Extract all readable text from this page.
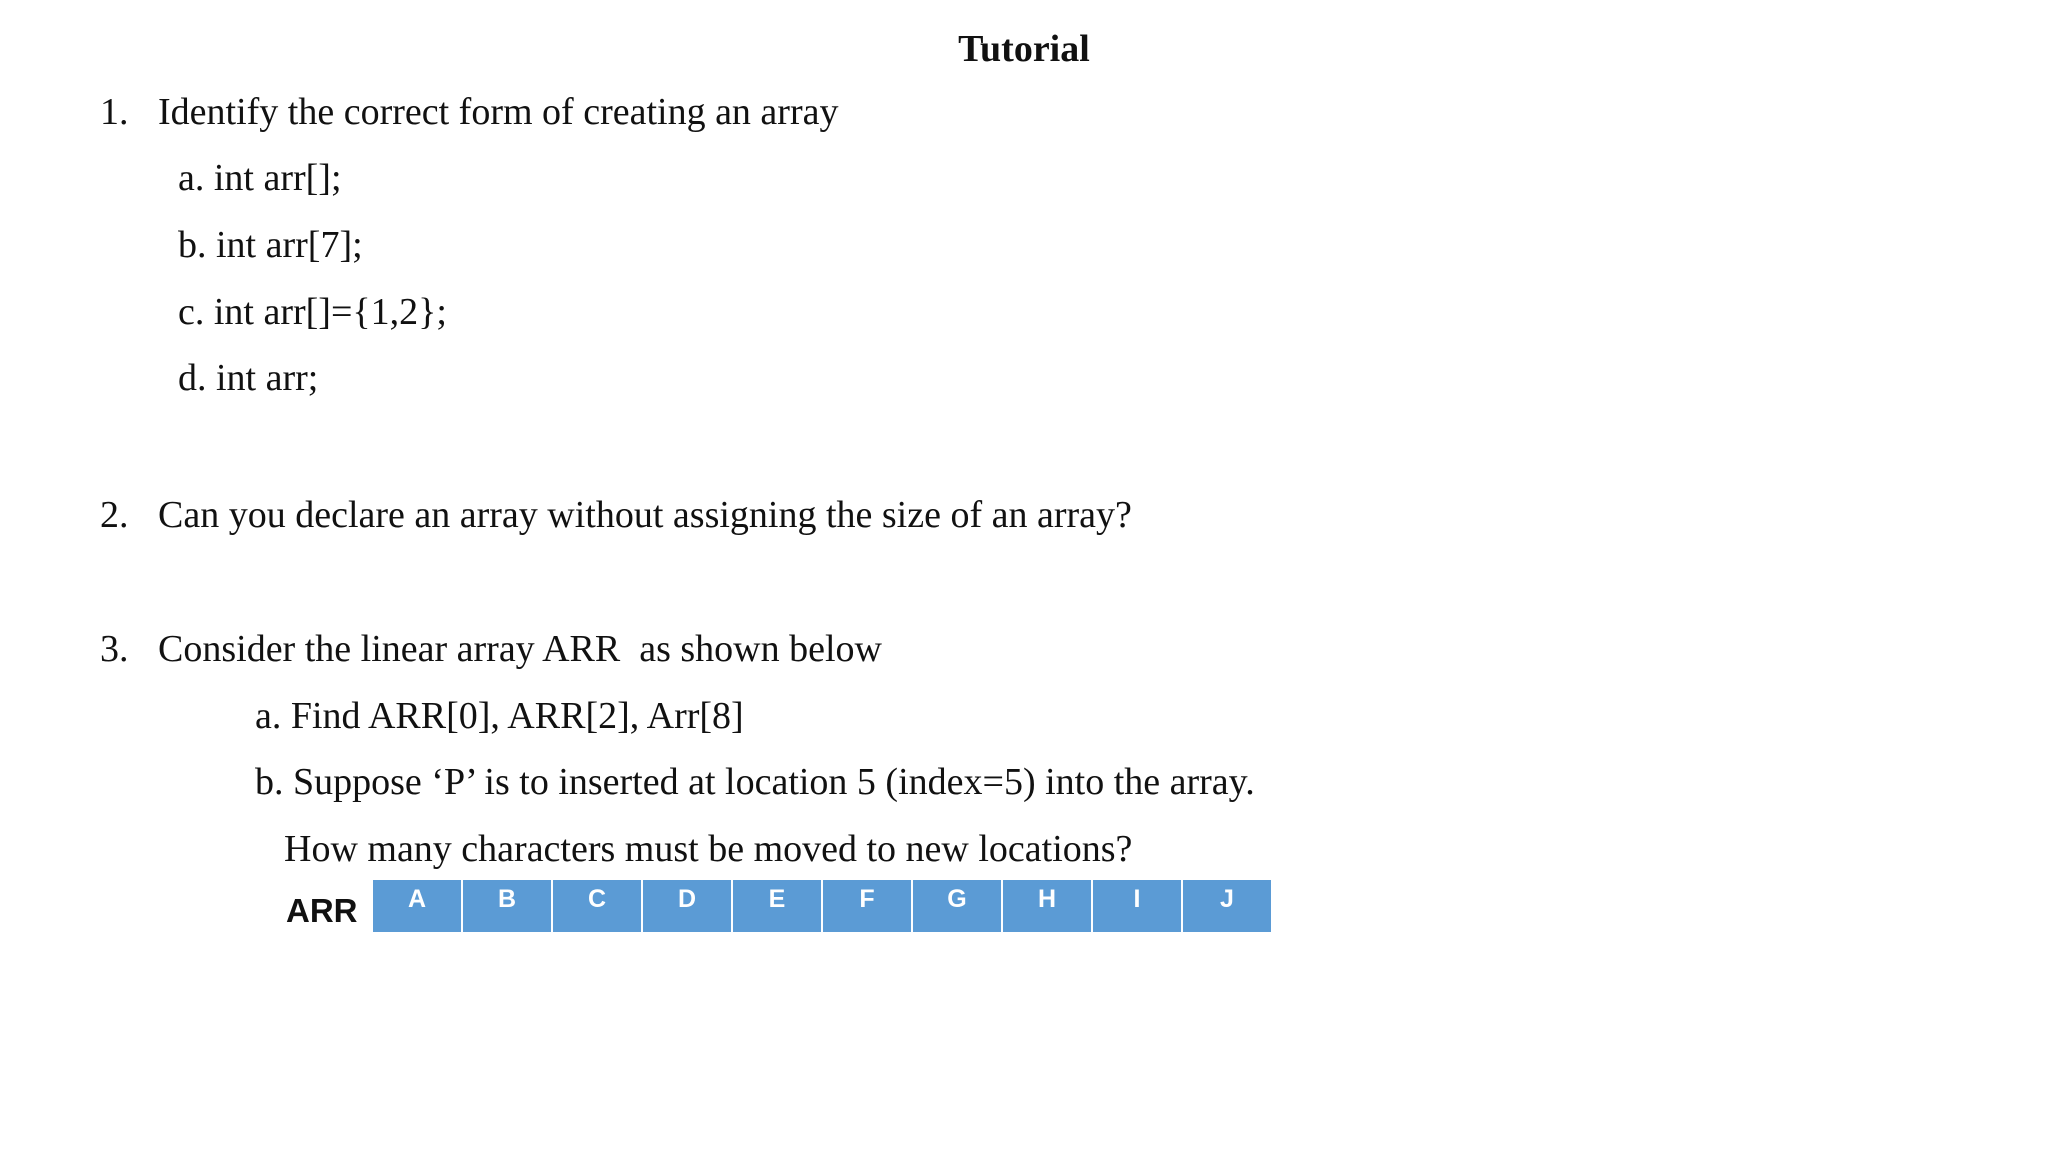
Tutorial
1. Identify the correct form of creating an array
a. int arr[];
b. int arr[7];
c. int arr[]={1,2};
d. int arr;
2. Can you declare an array without assigning the size of an array?
3. Consider the linear array ARR  as shown below
a. Find ARR[0], ARR[2], Arr[8]
b. Suppose ‘P’ is to inserted at location 5 (index=5) into the array.
How many characters must be moved to new locations?
ARR	A	B	C	D	E	F	G	H	I	J
